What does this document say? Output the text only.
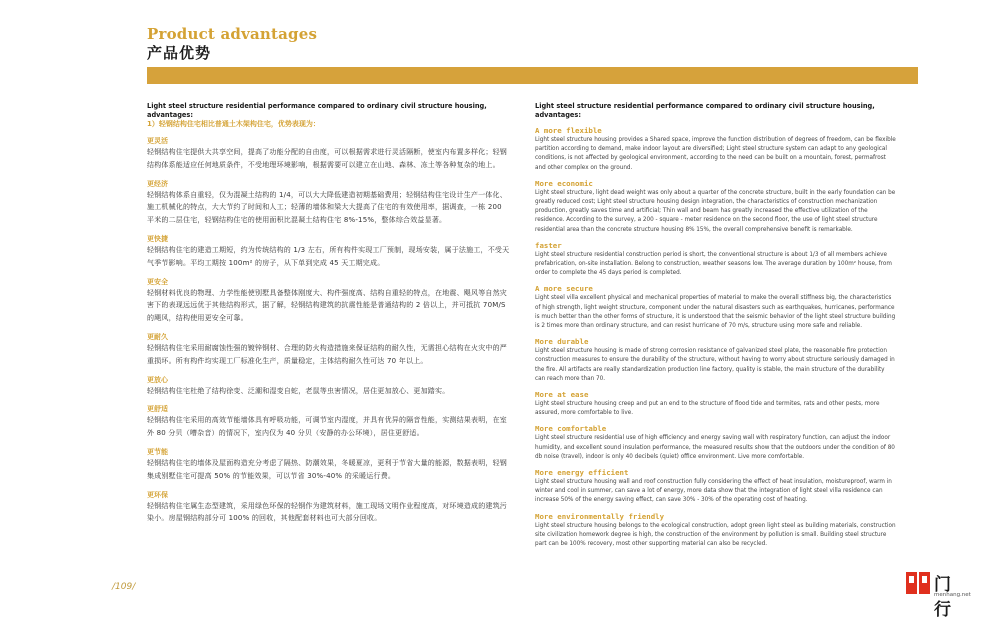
Product advantages
产品优势
Light steel structure residential performance compared to ordinary civil structure housing, advantages:
1）轻钢结构住宅相比普通土木架构住宅，优势表现为：
更灵活
轻钢结构住宅提供大共享空间，提高了功能分配的自由度，可以根据需求进行灵活隔断，使室内布置多样化；轻钢结构体系能适应任何地质条件，不受地理环境影响，根据需要可以建立在山地、森林、冻土等各种复杂的地上。
更经济
轻钢结构体系自重轻，仅为混凝土结构的 1/4，可以大大降低建造初期基础费用；轻钢结构住宅设计生产一体化、施工机械化的特点，大大节约了时间和人工；轻薄的墙体和梁大大提高了住宅的有效使用率，据调查，一栋 200 平米的二层住宅，轻钢结构住宅的使用面积比混凝土结构住宅 8%-15%，整体综合效益显著。
更快捷
轻钢结构住宅的建造工期短，约为传统结构的 1/3 左右，所有构件实现工厂预制，现场安装，属于法施工，不受天气季节影响。平均工期按 100m² 的房子，从下单到完成 45 天工期完成。
更安全
轻钢材料优良的物理、力学性能使别墅具备整体刚度大、构件强度高、结构自重轻的特点，在地震、飓风等自然灾害下的表现远远优于其他结构形式，据了解，轻钢结构建筑的抗震性能是普通结构的 2 倍以上，并可抵抗 70M/S 的飓风，结构使用更安全可靠。
更耐久
轻钢结构住宅采用耐腐蚀性强的镀锌钢材、合理的防火构造措施来保证结构的耐久性，无需担心结构在火灾中的严重损坏。所有构件均实现工厂标准化生产，质量稳定，主体结构耐久性可达 70 年以上。
更放心
轻钢结构住宅杜绝了结构徐变、泛潮和湿变自蛇，老鼠等虫害情况，居住更加放心、更加踏实。
更舒适
轻钢结构住宅采用的高效节能墙体具有呼吸功能，可调节室内湿度，并具有优异的隔音性能，实测结果表明，在室外 80 分贝（嘈杂音）的情况下，室内仅为 40 分贝（安静的办公环境），居住更舒适。
更节能
轻钢结构住宅的墙体及屋面构造充分考虑了隔热、防潮效果，冬暖夏凉，更利于节省大量的能源，数据表明，轻钢集成别墅住宅可提高 50% 的节能效果，可以节省 30%-40% 的采暖运行费。
更环保
轻钢结构住宅属生态型建筑，采用绿色环保的轻钢作为建筑材料，施工现场文明作业程度高，对环境造成的建筑污染小。房屋钢结构部分可 100% 的回收，其他配套材料也可大部分回收。
Light steel structure residential performance compared to ordinary civil structure housing, advantages:
A more flexible
Light steel structure housing provides a Shared space, improve the function distribution of degrees of freedom, can be flexible partition according to demand, make indoor layout are diversified; Light steel structure system can adapt to any geological conditions, is not affected by geological environment, according to the need can be built on a mountain, forest, permafrost and other complex on the ground.
More economic
Light steel structure, light dead weight was only about a quarter of the concrete structure, built in the early foundation can be greatly reduced cost; Light steel structure housing design integration, the characteristics of construction mechanization production, greatly saves time and artificial; Thin wall and beam has greatly increased the effective utilization of the residence. According to the survey, a 200 - square - meter residence on the second floor, the use of light steel structure residential area than the concrete structure housing 8% 15%, the overall comprehensive benefit is remarkable.
faster
Light steel structure residential construction period is short, the conventional structure is about 1/3 of all members achieve prefabrication, on-site installation. Belong to construction, weather seasons low. The average duration by 100m² house, from order to complete the 45 days period is completed.
A more secure
Light steel villa excellent physical and mechanical properties of material to make the overall stiffness big, the characteristics of high strength, light weight structure, component under the natural disasters such as earthquakes, hurricanes, performance is much better than the other forms of structure, it is understood that the seismic behavior of the light steel structure building is 2 times more than ordinary structure, and can resist hurricane of 70 m/s, structure using more safe and reliable.
More durable
Light steel structure housing is made of strong corrosion resistance of galvanized steel plate, the reasonable fire protection construction measures to ensure the durability of the structure, without having to worry about structure seriously damaged in the fire. All artifacts are really standardization production line factory, quality is stable, the main structure of the durability can reach more than 70.
More at ease
Light steel structure housing creep and put an end to the structure of flood tide and termites, rats and other pests, more assured, more comfortable to live.
More comfortable
Light steel structure residential use of high efficiency and energy saving wall with respiratory function, can adjust the indoor humidity, and excellent sound insulation performance, the measured results show that the outdoors under the condition of 80 db noise (travel), indoor is only 40 decibels (quiet) office environment. Live more comfortable.
More energy efficient
Light steel structure housing wall and roof construction fully considering the effect of heat insulation, moistureproof, warm in winter and cool in summer, can save a lot of energy, more data show that the integration of light steel villa residence can increase 50% of the energy saving effect, can save 30% - 30% of the operating cost of heating.
More environmentally friendly
Light steel structure housing belongs to the ecological construction, adopt green light steel as building materials, construction site civilization homework degree is high, the construction of the environment by pollution is small. Building steel structure part can be 100% recovery, most other supporting material can also be recycled.
/109/	门行
menhang.net
